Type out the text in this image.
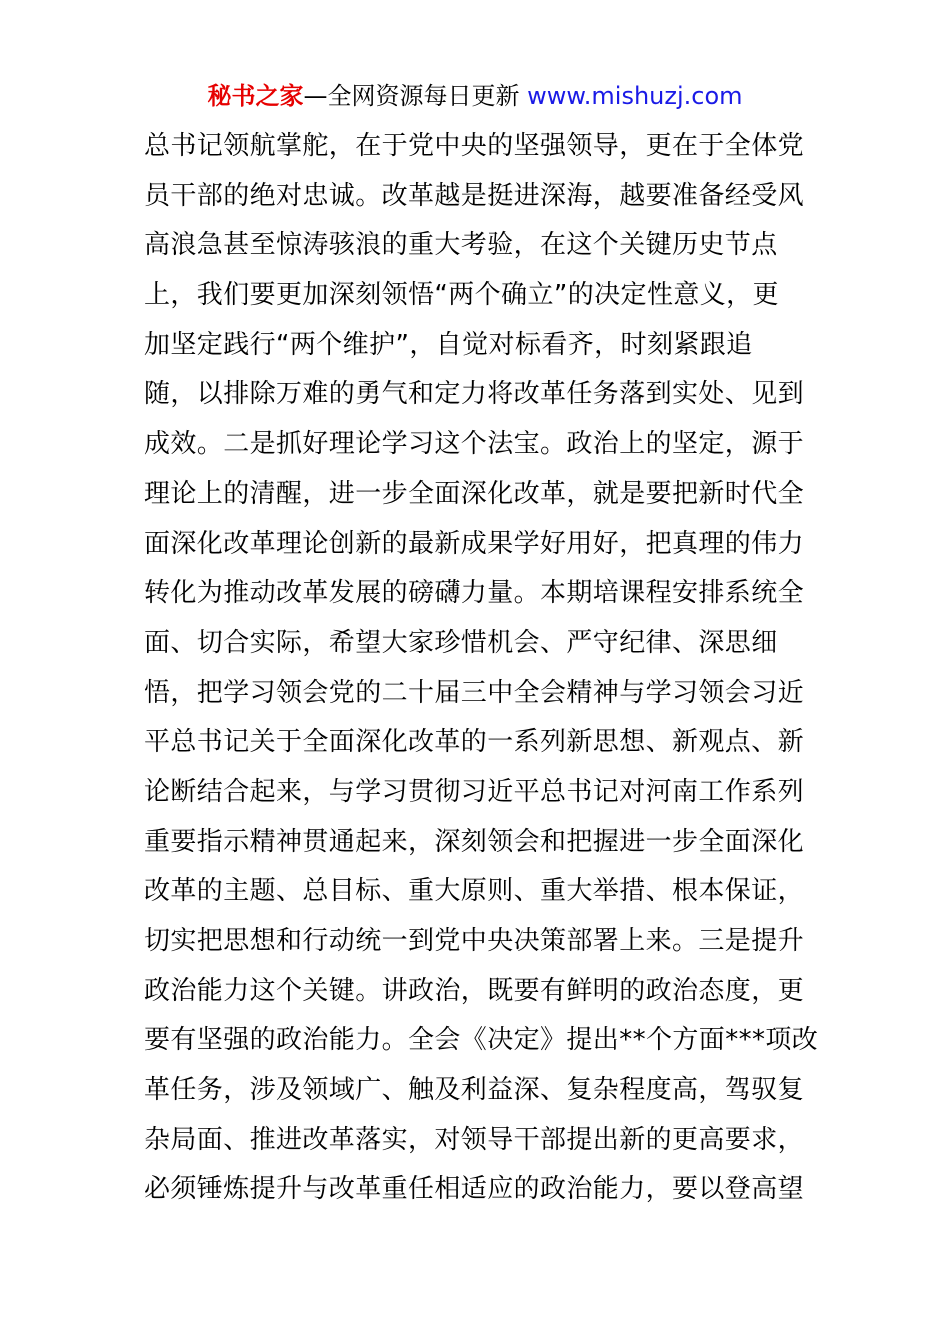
秘书之家—全网资源每日更新 www.mishuzj.com
总书记领航掌舵，在于党中央的坚强领导，更在于全体党
员干部的绝对忠诚。改革越是挺进深海，越要准备经受风
高浪急甚至惊涛骇浪的重大考验，在这个关键历史节点
上，我们要更加深刻领悟“两个确立”的决定性意义，更
加坚定践行“两个维护”，自觉对标看齐，时刻紧跟追
随，以排除万难的勇气和定力将改革任务落到实处、见到
成效。二是抓好理论学习这个法宝。政治上的坚定，源于
理论上的清醒，进一步全面深化改革，就是要把新时代全
面深化改革理论创新的最新成果学好用好，把真理的伟力
转化为推动改革发展的磅礴力量。本期培课程安排系统全
面、切合实际，希望大家珍惜机会、严守纪律、深思细
悟，把学习领会党的二十届三中全会精神与学习领会习近
平总书记关于全面深化改革的一系列新思想、新观点、新
论断结合起来，与学习贯彻习近平总书记对河南工作系列
重要指示精神贯通起来，深刻领会和把握进一步全面深化
改革的主题、总目标、重大原则、重大举措、根本保证，
切实把思想和行动统一到党中央决策部署上来。三是提升
政治能力这个关键。讲政治，既要有鲜明的政治态度，更
要有坚强的政治能力。全会《决定》提出**个方面***项改
革任务，涉及领域广、触及利益深、复杂程度高，驾驭复
杂局面、推进改革落实，对领导干部提出新的更高要求，
必须锤炼提升与改革重任相适应的政治能力，要以登高望
